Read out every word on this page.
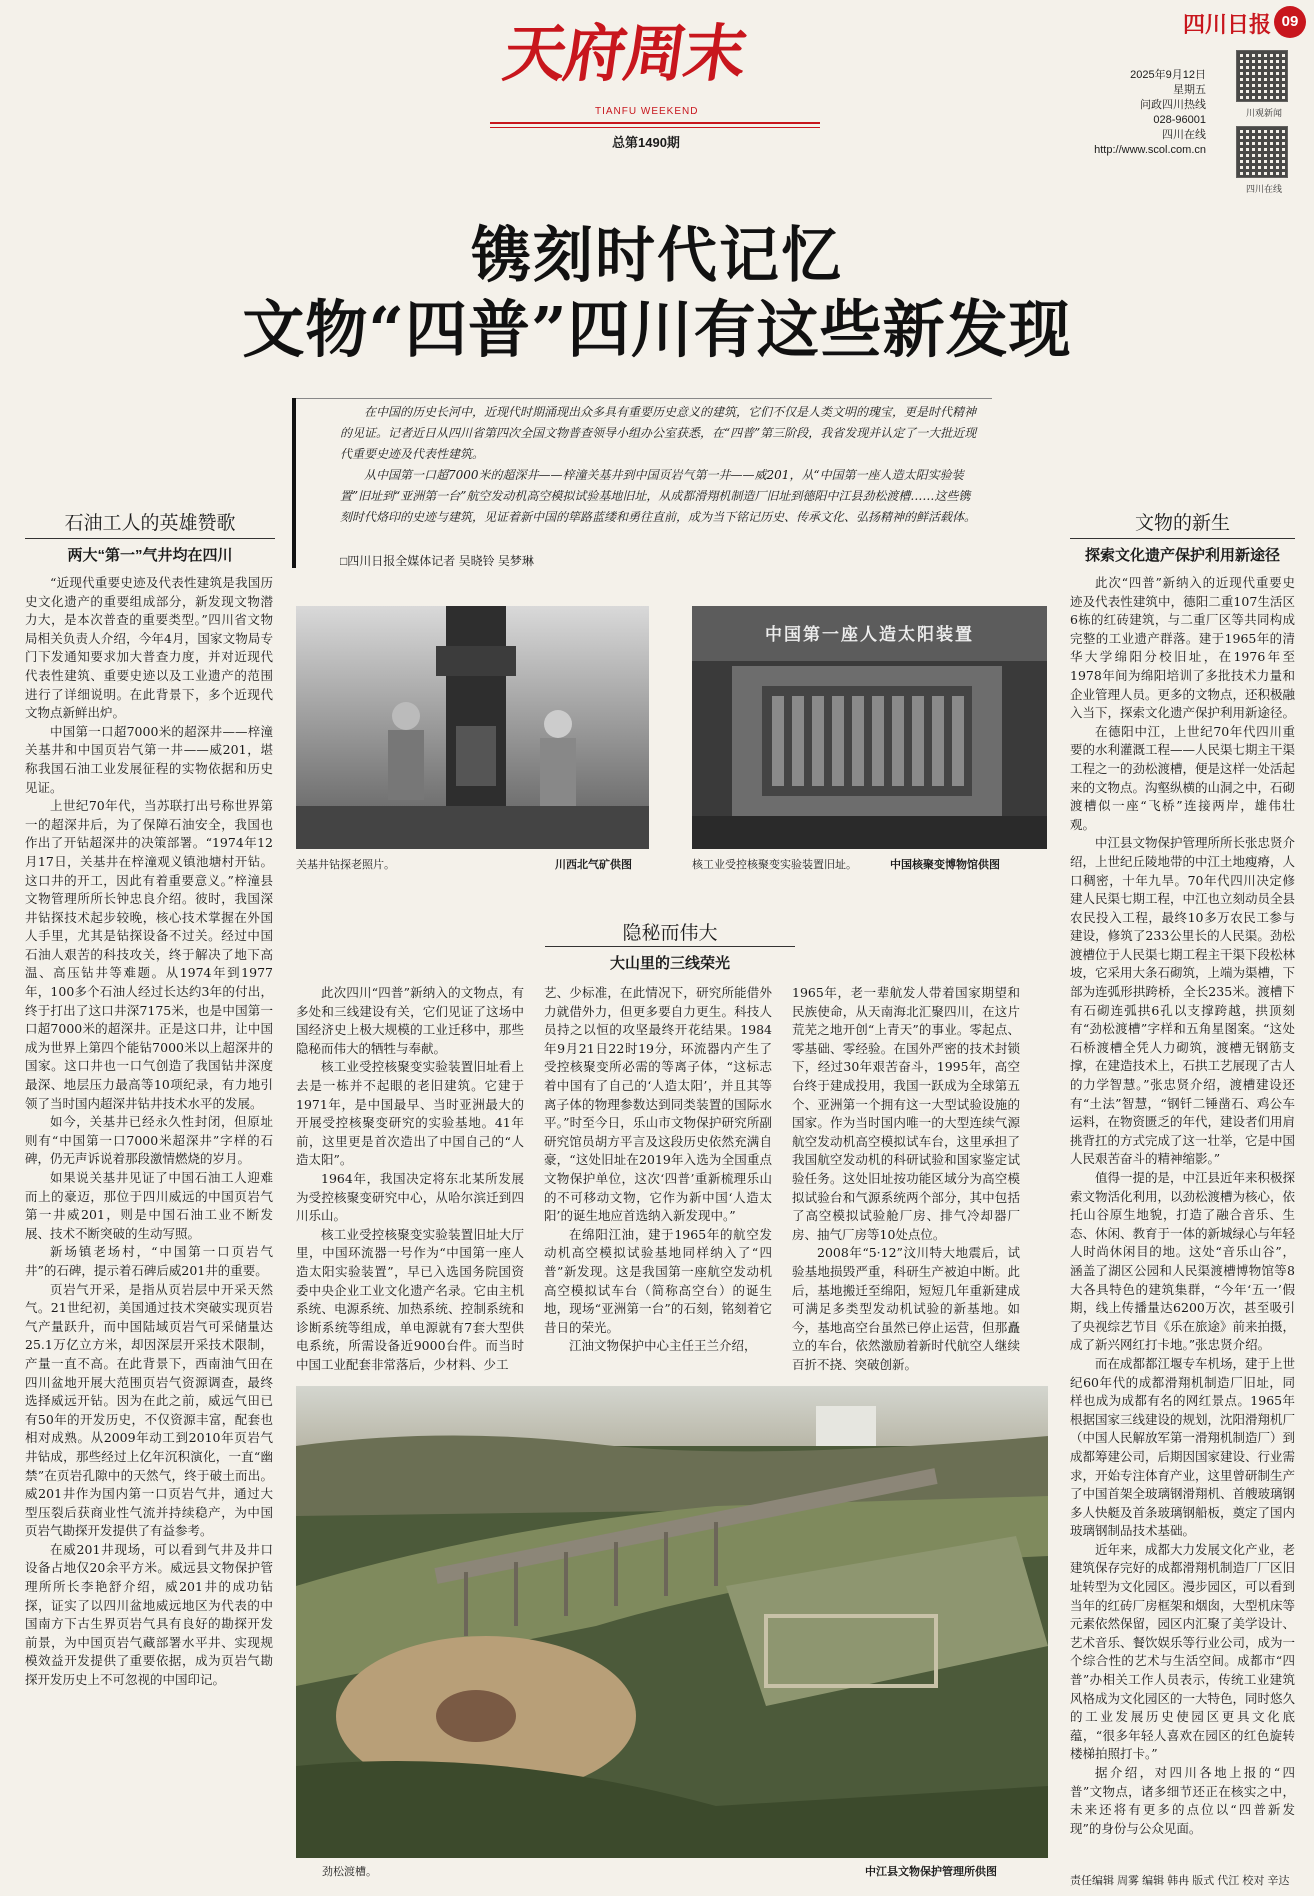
天府周末
TIANFU WEEKEND
总第1490期
四川日报 09
2025年9月12日
星期五
问政四川热线
028-96001
四川在线
http://www.scol.com.cn
川观新闻
四川在线
镌刻时代记忆
文物“四普”四川有这些新发现

在中国的历史长河中，近现代时期涌现出众多具有重要历史意义的建筑，它们不仅是人类文明的瑰宝，更是时代精神的见证。记者近日从四川省第四次全国文物普查领导小组办公室获悉，在“四普”第三阶段，我省发现并认定了一大批近现代重要史迹及代表性建筑。

从中国第一口超7000米的超深井——梓潼关基井到中国页岩气第一井——威201，从“中国第一座人造太阳实验装置”旧址到“亚洲第一台”航空发动机高空模拟试验基地旧址，从成都滑翔机制造厂旧址到德阳中江县劲松渡槽……这些镌刻时代烙印的史迹与建筑，见证着新中国的筚路蓝缕和勇往直前，成为当下铭记历史、传承文化、弘扬精神的鲜活载体。

□四川日报全媒体记者 吴晓铃 吴梦琳
石油工人的英雄赞歌
两大“第一”气井均在四川

“近现代重要史迹及代表性建筑是我国历史文化遗产的重要组成部分，新发现文物潜力大，是本次普查的重要类型。”四川省文物局相关负责人介绍，今年4月，国家文物局专门下发通知要求加大普查力度，并对近现代代表性建筑、重要史迹以及工业遗产的范围进行了详细说明。在此背景下，多个近现代文物点新鲜出炉。

中国第一口超7000米的超深井——梓潼关基井和中国页岩气第一井——威201，堪称我国石油工业发展征程的实物依据和历史见证。

上世纪70年代，当苏联打出号称世界第一的超深井后，为了保障石油安全，我国也作出了开钻超深井的决策部署。“1974年12月17日，关基井在梓潼观义镇池塘村开钻。这口井的开工，因此有着重要意义。”梓潼县文物管理所所长钟忠良介绍。彼时，我国深井钻探技术起步较晚，核心技术掌握在外国人手里，尤其是钻探设备不过关。经过中国石油人艰苦的科技攻关，终于解决了地下高温、高压钻井等难题。从1974年到1977年，100多个石油人经过长达约3年的付出，终于打出了这口井深7175米，也是中国第一口超7000米的超深井。正是这口井，让中国成为世界上第四个能钻7000米以上超深井的国家。这口井也一口气创造了我国钻井深度最深、地层压力最高等10项纪录，有力地引领了当时国内超深井钻井技术水平的发展。

如今，关基井已经永久性封闭，但原址则有“中国第一口7000米超深井”字样的石碑，仍无声诉说着那段激情燃烧的岁月。

如果说关基井见证了中国石油工人迎难而上的豪迈，那位于四川威远的中国页岩气第一井威201，则是中国石油工业不断发展、技术不断突破的生动写照。

新场镇老场村，“中国第一口页岩气井”的石碑，提示着石碑后威201井的重要。

页岩气开采，是指从页岩层中开采天然气。21世纪初，美国通过技术突破实现页岩气产量跃升，而中国陆域页岩气可采储量达25.1万亿立方米，却因深层开采技术限制，产量一直不高。在此背景下，西南油气田在四川盆地开展大范围页岩气资源调查，最终选择威远开钻。因为在此之前，威远气田已有50年的开发历史，不仅资源丰富，配套也相对成熟。从2009年动工到2010年页岩气井钻成，那些经过上亿年沉积演化，一直“幽禁”在页岩孔隙中的天然气，终于破土而出。威201井作为国内第一口页岩气井，通过大型压裂后获商业性气流并持续稳产，为中国页岩气勘探开发提供了有益参考。

在威201井现场，可以看到气井及井口设备占地仅20余平方米。威远县文物保护管理所所长李艳舒介绍，威201井的成功钻探，证实了以四川盆地威远地区为代表的中国南方下古生界页岩气具有良好的勘探开发前景，为中国页岩气藏部署水平井、实现规模效益开发提供了重要依据，成为页岩气勘探开发历史上不可忽视的中国印记。

文物的新生
探索文化遗产保护利用新途径

此次“四普”新纳入的近现代重要史迹及代表性建筑中，德阳二重107生活区6栋的红砖建筑，与二重厂区等共同构成完整的工业遗产群落。建于1965年的清华大学绵阳分校旧址，在1976年至1978年间为绵阳培训了多批技术力量和企业管理人员。更多的文物点，还积极融入当下，探索文化遗产保护利用新途径。

在德阳中江，上世纪70年代四川重要的水利灌溉工程——人民渠七期主干渠工程之一的劲松渡槽，便是这样一处活起来的文物点。沟壑纵横的山洞之中，石砌渡槽似一座“飞桥”连接两岸，雄伟壮观。

中江县文物保护管理所所长张忠贤介绍，上世纪丘陵地带的中江土地瘦瘠，人口稠密，十年九旱。70年代四川决定修建人民渠七期工程，中江也立刻动员全县农民投入工程，最终10多万农民工参与建设，修筑了233公里长的人民渠。劲松渡槽位于人民渠七期工程主干渠下段松林坡，它采用大条石砌筑，上端为渠槽，下部为连弧形拱跨桥，全长235米。渡槽下有石砌连弧拱6孔以支撑跨越，拱顶刻有“劲松渡槽”字样和五角星图案。“这处石桥渡槽全凭人力砌筑，渡槽无钢筋支撑，在建造技术上，石拱工艺展现了古人的力学智慧。”张忠贤介绍，渡槽建设还有“土法”智慧，“钢钎二锤凿石、鸡公车运料，在物资匮乏的年代，建设者们用肩挑背扛的方式完成了这一壮举，它是中国人民艰苦奋斗的精神缩影。”

值得一提的是，中江县近年来积极探索文物活化利用，以劲松渡槽为核心，依托山谷原生地貌，打造了融合音乐、生态、休闲、教育于一体的新城绿心与年轻人时尚休闲目的地。这处“音乐山谷”，涵盖了湖区公园和人民渠渡槽博物馆等8大各具特色的建筑集群，“今年‘五一’假期，线上传播量达6200万次，甚至吸引了央视综艺节目《乐在旅途》前来拍摄，成了新兴网红打卡地。”张忠贤介绍。

而在成都都江堰专车机场，建于上世纪60年代的成都滑翔机制造厂旧址，同样也成为成都有名的网红景点。1965年根据国家三线建设的规划，沈阳滑翔机厂（中国人民解放军第一滑翔机制造厂）到成都筹建公司，后期因国家建设、行业需求，开始专注体育产业，这里曾研制生产了中国首架全玻璃钢滑翔机、首艘玻璃钢多人快艇及首条玻璃钢船板，奠定了国内玻璃钢制品技术基础。

近年来，成都大力发展文化产业，老建筑保存完好的成都滑翔机制造厂厂区旧址转型为文化园区。漫步园区，可以看到当年的红砖厂房框架和烟囱，大型机床等元素依然保留，园区内汇聚了美学设计、艺术音乐、餐饮娱乐等行业公司，成为一个综合性的艺术与生活空间。成都市“四普”办相关工作人员表示，传统工业建筑风格成为文化园区的一大特色，同时悠久的工业发展历史使园区更具文化底蕴，“很多年轻人喜欢在园区的红色旋转楼梯拍照打卡。”

据介绍，对四川各地上报的“四普”文物点，诸多细节还正在核实之中，未来还将有更多的点位以“四普新发现”的身份与公众见面。

关基井钻探老照片。	川西北气矿供图
中国第一座人造太阳装置
核工业受控核聚变实验装置旧址。	中国核聚变博物馆供图
隐秘而伟大
大山里的三线荣光

此次四川“四普”新纳入的文物点，有多处和三线建设有关，它们见证了这场中国经济史上极大规模的工业迁移中，那些隐秘而伟大的牺牲与奉献。

核工业受控核聚变实验装置旧址看上去是一栋并不起眼的老旧建筑。它建于1971年，是中国最早、当时亚洲最大的开展受控核聚变研究的实验基地。41年前，这里更是首次造出了中国自己的“人造太阳”。

1964年，我国决定将东北某所发展为受控核聚变研究中心，从哈尔滨迁到四川乐山。

核工业受控核聚变实验装置旧址大厅里，中国环流器一号作为“中国第一座人造太阳实验装置”，早已入选国务院国资委中央企业工业文化遗产名录。它由主机系统、电源系统、加热系统、控制系统和诊断系统等组成，单电源就有7套大型供电系统，所需设备近9000台件。而当时中国工业配套非常落后，少材料、少工

艺、少标准，在此情况下，研究所能借外力就借外力，但更多要自力更生。科技人员持之以恒的攻坚最终开花结果。1984年9月21日22时19分，环流器内产生了受控核聚变所必需的等离子体，“这标志着中国有了自己的‘人造太阳’，并且其等离子体的物理参数达到同类装置的国际水平。”时至今日，乐山市文物保护研究所副研究馆员胡方平言及这段历史依然充满自豪，“这处旧址在2019年入选为全国重点文物保护单位，这次‘四普’重新梳理乐山的不可移动文物，它作为新中国‘人造太阳’的诞生地应首选纳入新发现中。”

在绵阳江油，建于1965年的航空发动机高空模拟试验基地同样纳入了“四普”新发现。这是我国第一座航空发动机高空模拟试车台（简称高空台）的诞生地，现场“亚洲第一台”的石刻，铭刻着它昔日的荣光。

江油文物保护中心主任王兰介绍，

1965年，老一辈航发人带着国家期望和民族使命，从天南海北汇聚四川，在这片荒芜之地开创“上青天”的事业。零起点、零基础、零经验。在国外严密的技术封锁下，经过30年艰苦奋斗，1995年，高空台终于建成投用，我国一跃成为全球第五个、亚洲第一个拥有这一大型试验设施的国家。作为当时国内唯一的大型连续气源航空发动机高空模拟试车台，这里承担了我国航空发动机的科研试验和国家鉴定试验任务。这处旧址按功能区域分为高空模拟试验台和气源系统两个部分，其中包括了高空模拟试验舱厂房、排气冷却器厂房、抽气厂房等10处点位。

2008年“5·12”汶川特大地震后，试验基地损毁严重，科研生产被迫中断。此后，基地搬迁至绵阳，短短几年重新建成可满足多类型发动机试验的新基地。如今，基地高空台虽然已停止运营，但那矗立的车台，依然激励着新时代航空人继续百折不挠、突破创新。

劲松渡槽。	中江县文物保护管理所供图
责任编辑 周雾 编辑 韩冉 版式 代江 校对 辛达
